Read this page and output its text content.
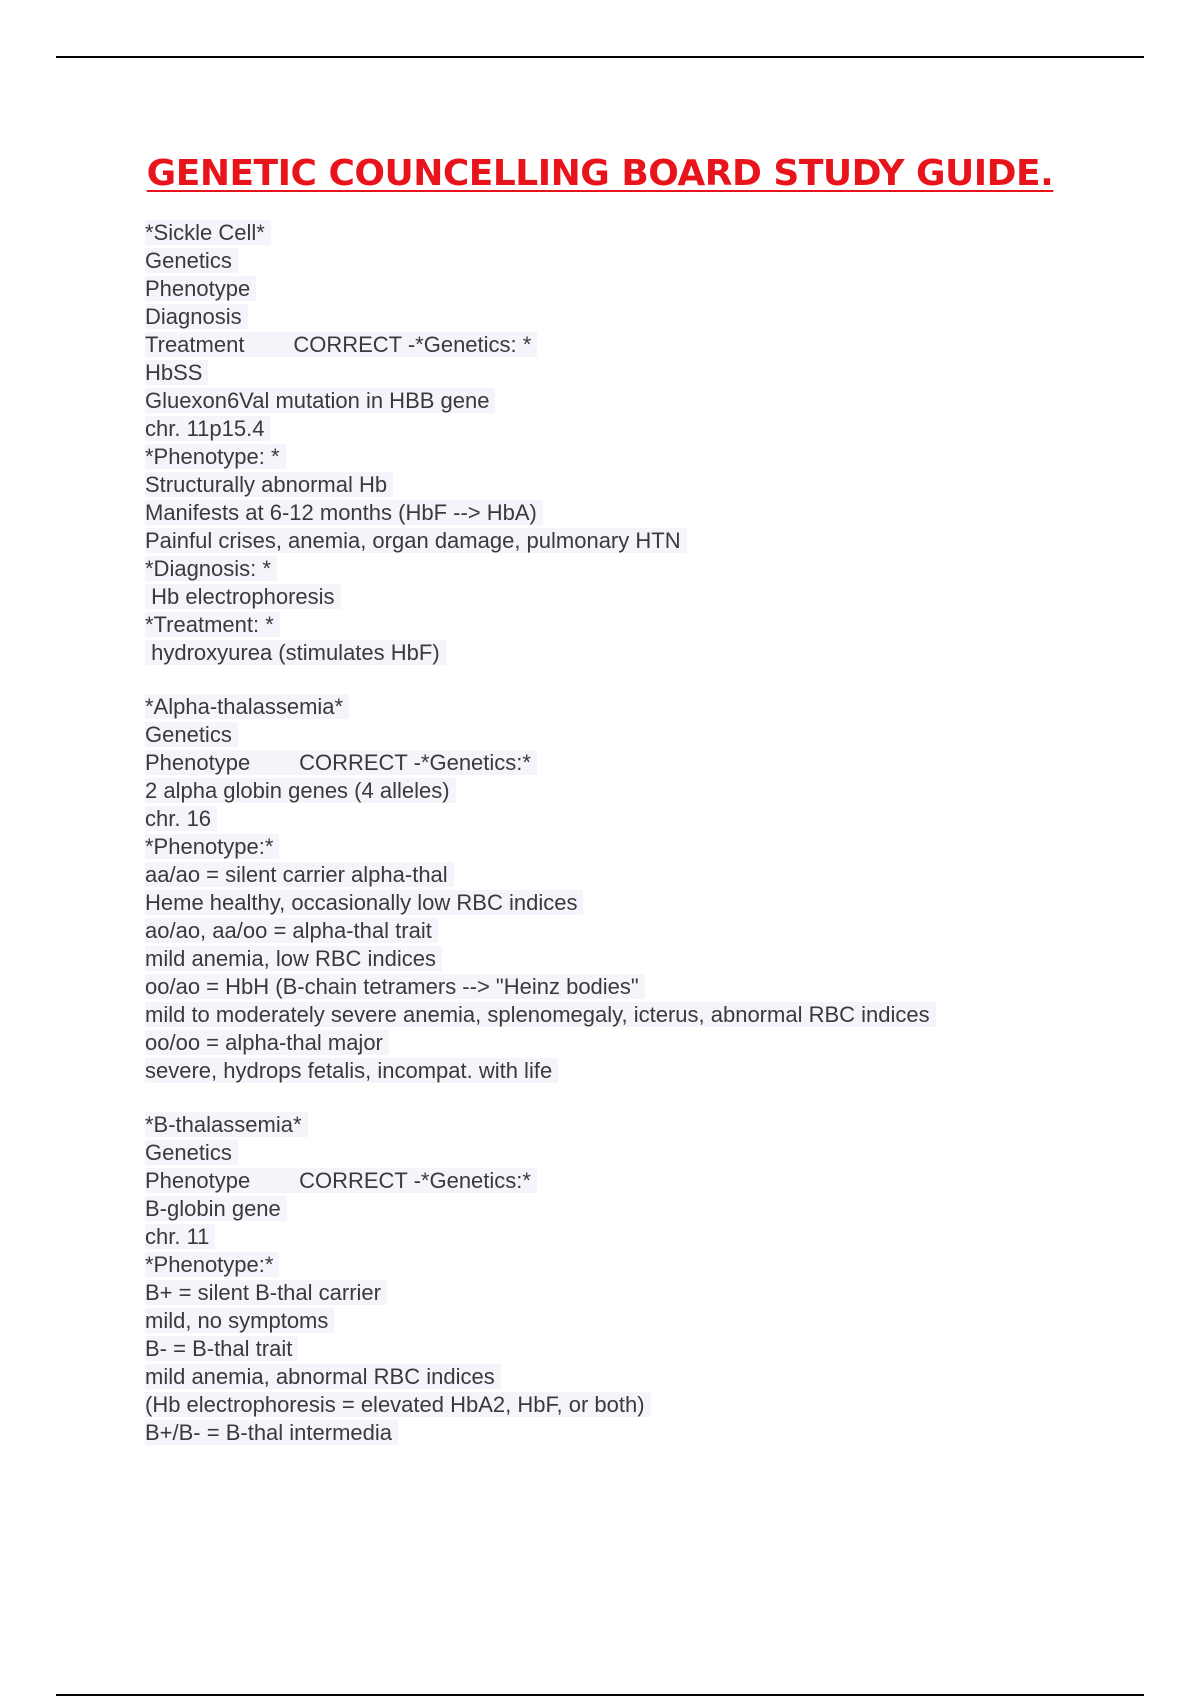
GENETIC COUNCELLING BOARD STUDY GUIDE.
*Sickle Cell*
Genetics
Phenotype
Diagnosis
Treatment        CORRECT -*Genetics: *
HbSS
Gluexon6Val mutation in HBB gene
chr. 11p15.4
*Phenotype: *
Structurally abnormal Hb
Manifests at 6-12 months (HbF --> HbA)
Painful crises, anemia, organ damage, pulmonary HTN
*Diagnosis: *
Hb electrophoresis
*Treatment: *
hydroxyurea (stimulates HbF)
*Alpha-thalassemia*
Genetics
Phenotype        CORRECT -*Genetics:*
2 alpha globin genes (4 alleles)
chr. 16
*Phenotype:*
aa/ao = silent carrier alpha-thal
Heme healthy, occasionally low RBC indices
ao/ao, aa/oo = alpha-thal trait
mild anemia, low RBC indices
oo/ao = HbH (B-chain tetramers --> "Heinz bodies"
mild to moderately severe anemia, splenomegaly, icterus, abnormal RBC indices
oo/oo = alpha-thal major
severe, hydrops fetalis, incompat. with life
*B-thalassemia*
Genetics
Phenotype        CORRECT -*Genetics:*
B-globin gene
chr. 11
*Phenotype:*
B+ = silent B-thal carrier
mild, no symptoms
B- = B-thal trait
mild anemia, abnormal RBC indices
(Hb electrophoresis = elevated HbA2, HbF, or both)
B+/B- = B-thal intermedia
